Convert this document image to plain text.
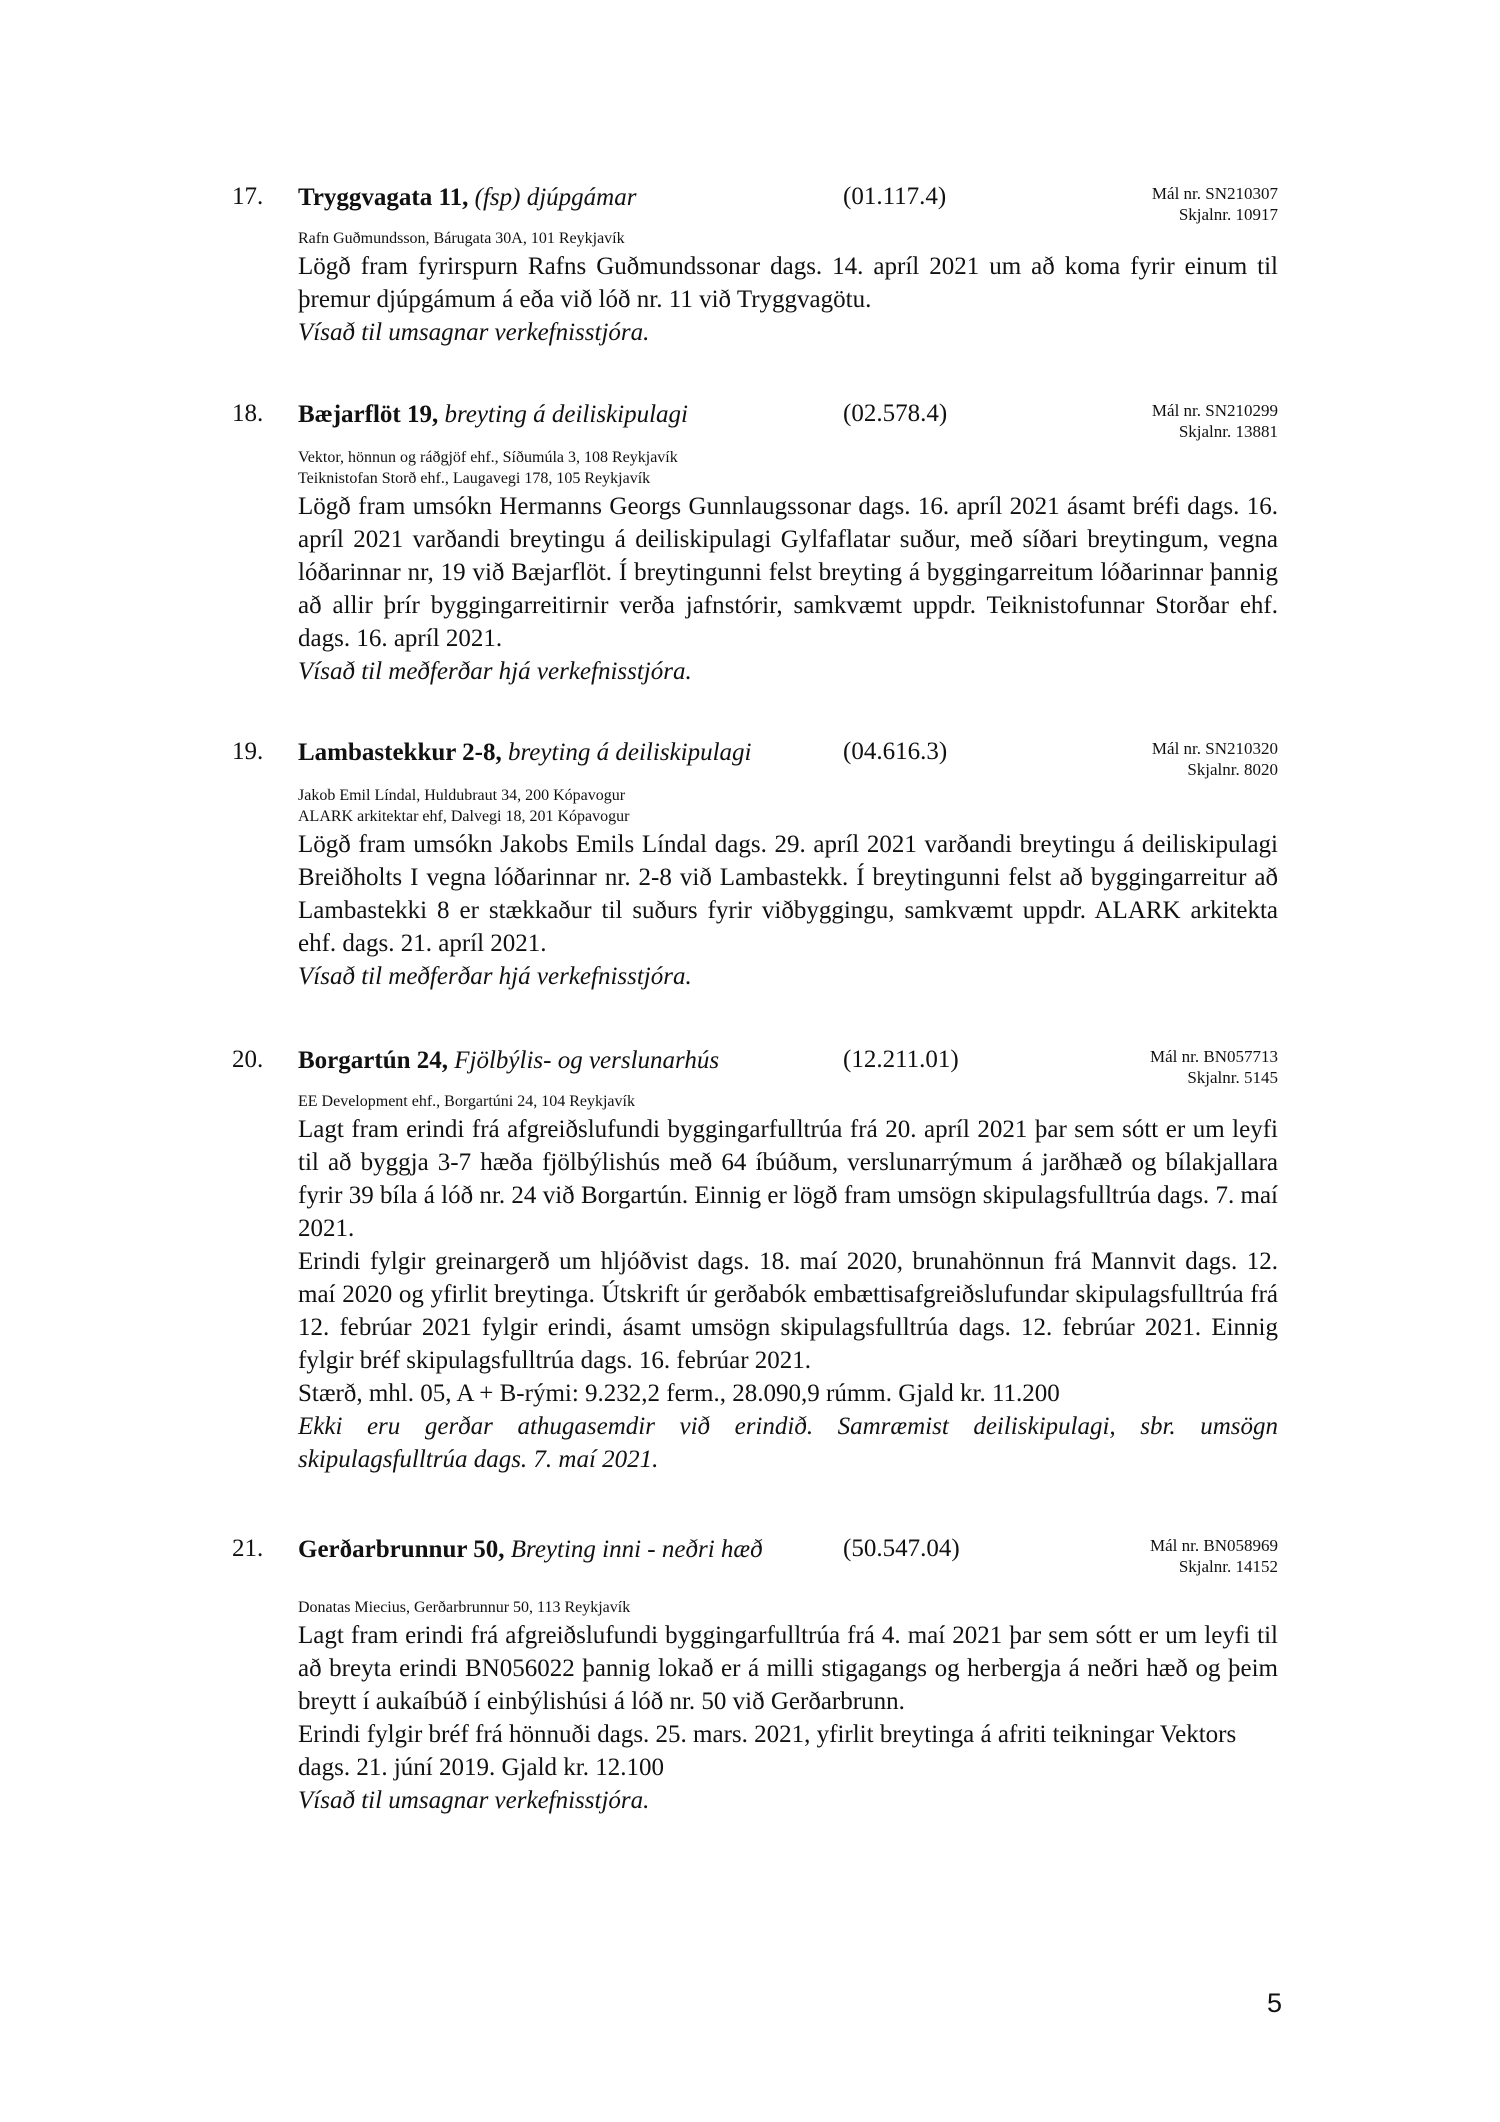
17. Tryggvagata 11, (fsp) djúpgámar	(01.117.4)	Mál nr. SN210307
Skjalnr. 10917
Rafn Guðmundsson, Bárugata 30A, 101 Reykjavík

Lögð fram fyrirspurn Rafns Guðmundssonar dags. 14. apríl 2021 um að koma fyrir einum til þremur djúpgámum á eða við lóð nr. 11 við Tryggvagötu.

Vísað til umsagnar verkefnisstjóra.

18. Bæjarflöt 19, breyting á deiliskipulagi	(02.578.4)	Mál nr. SN210299
Skjalnr. 13881
Vektor, hönnun og ráðgjöf ehf., Síðumúla 3, 108 Reykjavík
Teiknistofan Storð ehf., Laugavegi 178, 105 Reykjavík

Lögð fram umsókn Hermanns Georgs Gunnlaugssonar dags. 16. apríl 2021 ásamt bréfi dags. 16. apríl 2021 varðandi breytingu á deiliskipulagi Gylfaflatar suður, með síðari breytingum, vegna lóðarinnar nr, 19 við Bæjarflöt. Í breytingunni felst breyting á byggingarreitum lóðarinnar þannig að allir þrír byggingarreitirnir verða jafnstórir, samkvæmt uppdr. Teiknistofunnar Storðar ehf. dags. 16. apríl 2021.

Vísað til meðferðar hjá verkefnisstjóra.

19. Lambastekkur 2-8, breyting á deiliskipulagi	(04.616.3)	Mál nr. SN210320
Skjalnr. 8020
Jakob Emil Líndal, Huldubraut 34, 200 Kópavogur
ALARK arkitektar ehf, Dalvegi 18, 201 Kópavogur

Lögð fram umsókn Jakobs Emils Líndal dags. 29. apríl 2021 varðandi breytingu á deiliskipulagi Breiðholts I vegna lóðarinnar nr. 2-8 við Lambastekk. Í breytingunni felst að byggingarreitur að Lambastekki 8 er stækkaður til suðurs fyrir viðbyggingu, samkvæmt uppdr. ALARK arkitekta ehf. dags. 21. apríl 2021.

Vísað til meðferðar hjá verkefnisstjóra.

20. Borgartún 24, Fjölbýlis- og verslunarhús	(12.211.01)	Mál nr. BN057713
Skjalnr. 5145
EE Development ehf., Borgartúni 24, 104 Reykjavík

Lagt fram erindi frá afgreiðslufundi byggingarfulltrúa frá 20. apríl 2021 þar sem sótt er um leyfi til að byggja 3-7 hæða fjölbýlishús með 64 íbúðum, verslunarrýmum á jarðhæð og bílakjallara fyrir 39 bíla á lóð nr. 24 við Borgartún. Einnig er lögð fram umsögn skipulagsfulltrúa dags. 7. maí 2021.

Erindi fylgir greinargerð um hljóðvist dags. 18. maí 2020, brunahönnun frá Mannvit dags. 12. maí 2020 og yfirlit breytinga. Útskrift úr gerðabók embættisafgreiðslufundar skipulagsfulltrúa frá 12. febrúar 2021 fylgir erindi, ásamt umsögn skipulagsfulltrúa dags. 12. febrúar 2021. Einnig fylgir bréf skipulagsfulltrúa dags. 16. febrúar 2021.

Stærð, mhl. 05, A + B-rými: 9.232,2 ferm., 28.090,9 rúmm. Gjald kr. 11.200

Ekki eru gerðar athugasemdir við erindið. Samræmist deiliskipulagi, sbr. umsögn skipulagsfulltrúa dags. 7. maí 2021.

21. Gerðarbrunnur 50, Breyting inni - neðri hæð	(50.547.04)	Mál nr. BN058969
Skjalnr. 14152
Donatas Miecius, Gerðarbrunnur 50, 113 Reykjavík

Lagt fram erindi frá afgreiðslufundi byggingarfulltrúa frá 4. maí 2021 þar sem sótt er um leyfi til að breyta erindi BN056022 þannig lokað er á milli stigagangs og herbergja á neðri hæð og þeim breytt í aukaíbúð í einbýlishúsi á lóð nr. 50 við Gerðarbrunn.

Erindi fylgir bréf frá hönnuði dags. 25. mars. 2021, yfirlit breytinga á afriti teikningar Vektors dags. 21. júní 2019. Gjald kr. 12.100

Vísað til umsagnar verkefnisstjóra.

5
